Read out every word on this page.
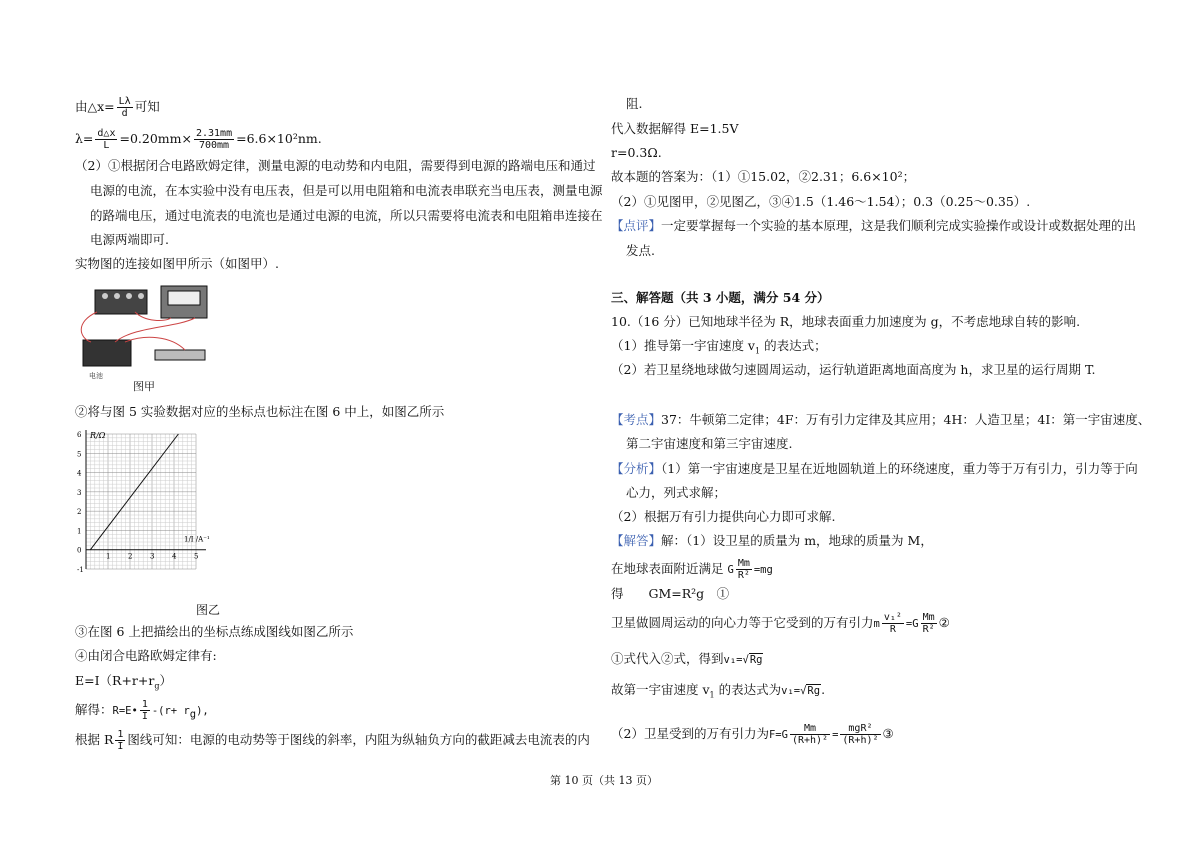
由△x= $\frac{L\lambda}{d}$ 可知
$\lambda= \frac{d\triangle x}{L} =0.20mm\times \frac{2.31mm}{700mm} =6.6\times 10^2nm$.
（2）①根据闭合电路欧姆定律，测量电源的电动势和内电阻，需要得到电源的路端电压和通过
电源的电流，在本实验中没有电压表，但是可以用电阻箱和电流表串联充当电压表，测量电源
的路端电压，通过电流表的电流也是通过电源的电流，所以只需要将电流表和电阻箱串连接在
电源两端即可.
实物图的连接如图甲所示（如图甲）.
电池
图甲
②将与图 5 实验数据对应的坐标点也标注在图 6 中上，如图乙所示
-1
0
1
2
3
4
5
6
1	2	3	4	5
R/Ω
1/I /A⁻¹
图乙
③在图 6 上把描绘出的坐标点练成图线如图乙所示
④由闭合电路欧姆定律有:
$E=I(R+r+r_g)$
解得：R=E• $\frac{1}{I} -(r+ r_g)$,
根据 R $\frac{1}{I}$ 图线可知：电源的电动势等于图线的斜率，内阻为纵轴负方向的截距减去电流表的内
阻.
代入数据解得 E=1.5V
r=0.3Ω.
故本题的答案为：（1）①15.02，②2.31；6.6×10²；
（2）①见图甲，②见图乙，③④1.5（1.46～1.54）；0.3（0.25～0.35）.
【点评】一定要掌握每一个实验的基本原理，这是我们顺利完成实验操作或设计或数据处理的出
发点.
三、解答题（共 3 小题，满分 54 分）
10.（16 分）已知地球半径为 R，地球表面重力加速度为 g，不考虑地球自转的影响.
（1）推导第一宇宙速度 $v_1$ 的表达式；
（2）若卫星绕地球做匀速圆周运动，运行轨道距离地面高度为 h，求卫星的运行周期 T.
【考点】37：牛顿第二定律；4F：万有引力定律及其应用；4H：人造卫星；4I：第一宇宙速度、
第二宇宙速度和第三宇宙速度.
【分析】（1）第一宇宙速度是卫星在近地圆轨道上的环绕速度，重力等于万有引力，引力等于向
心力，列式求解；
（2）根据万有引力提供向心力即可求解.
【解答】解：（1）设卫星的质量为 m，地球的质量为 M，
在地球表面附近满足 G $\frac{Mm}{\text{R²}} =mg$
得　　GM=R²g　①
卫星做圆周运动的向心力等于它受到的万有引力m $\frac{\text{v₁²}}{R} =G \frac{Mm}{\text{R²}}$ ②
①式代入②式，得到v₁=√Rg
故第一宇宙速度 $v_1$ 的表达式为v₁=√Rg.
（2）卫星受到的万有引力为$F=G \frac{Mm}{\text{(R+h)²}} = \frac{\text{mgR²}}{\text{(R+h)²}}$ ③
第 10 页（共 13 页）
